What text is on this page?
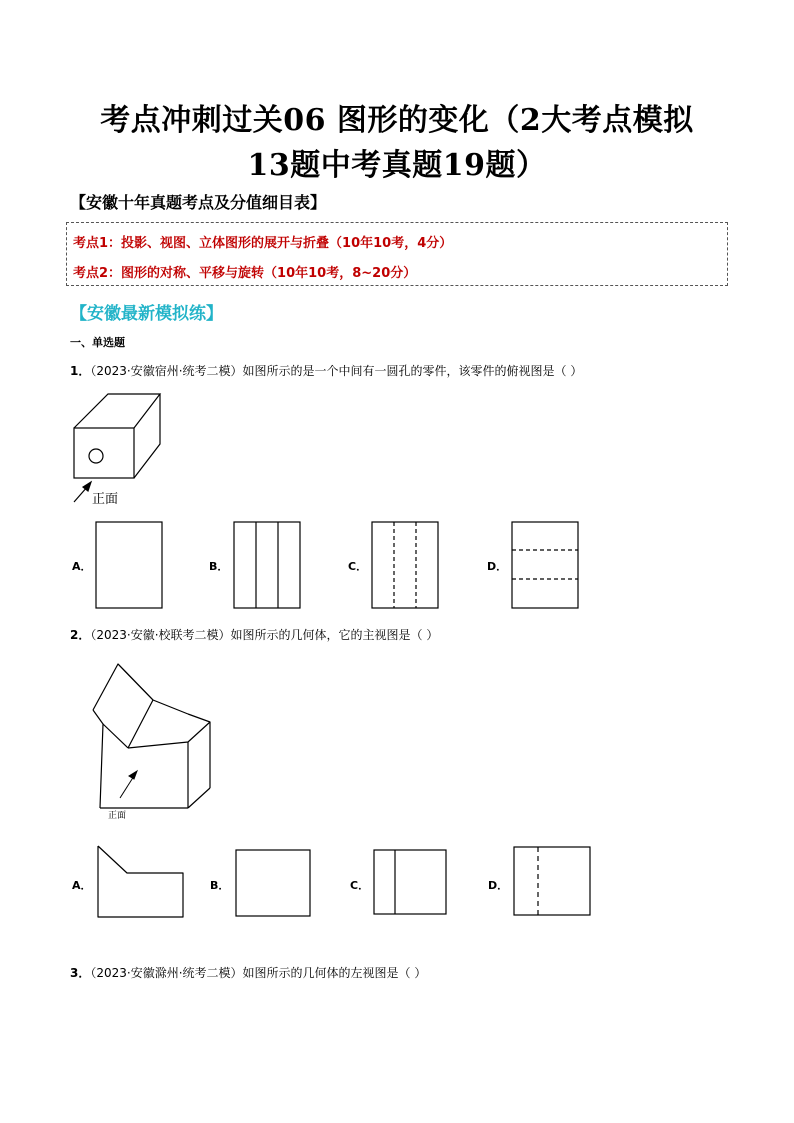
考点冲刺过关06 图形的变化（2大考点模拟
13题中考真题19题）
【安徽十年真题考点及分值细目表】
考点1：投影、视图、立体图形的展开与折叠（10年10考，4分）
考点2：图形的对称、平移与旋转（10年10考，8~20分）
【安徽最新模拟练】
一、单选题
1．（2023·安徽宿州·统考二模）如图所示的是一个中间有一圆孔的零件，该零件的俯视图是（ ）
正面
A．	B．	C．	D．
2．（2023·安徽·校联考二模）如图所示的几何体，它的主视图是（ ）
正面
A．	B．	C．	D．
3．（2023·安徽滁州·统考二模）如图所示的几何体的左视图是（ ）
